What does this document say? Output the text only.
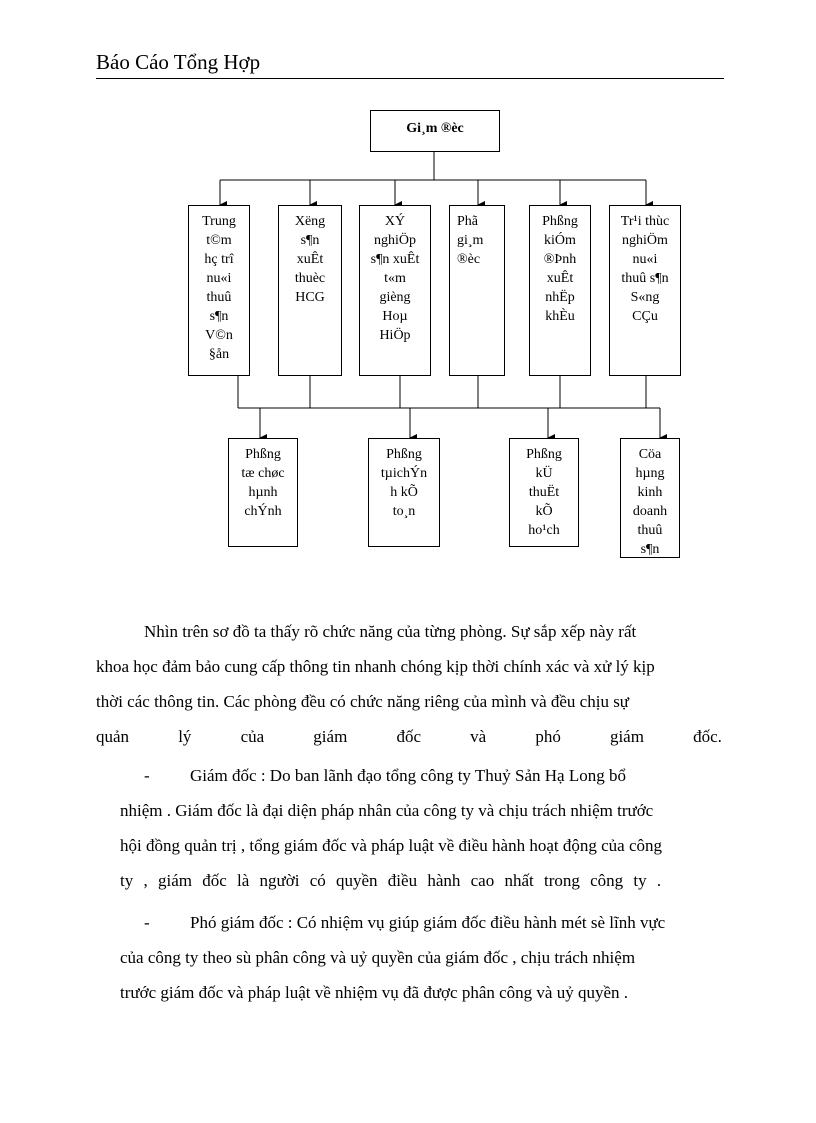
Báo Cáo Tổng Hợp
Gi¸m ®èc
Trung
t©m
hç trî
nu«i
thuû
s¶n
V©n
§ån
Xëng
s¶n
xuÊt
thuèc
HCG
XÝ
nghiÖp
s¶n xuÊt
t«m
gièng
Hoµ
HiÖp
Phã
gi¸m
®èc
Phßng
kiÓm
®Þnh
xuÊt
nhËp
khÈu
Tr¹i thùc
nghiÖm
nu«i
thuû s¶n
S«ng
CÇu
Phßng
tæ chøc
hµnh
chÝnh
Phßng
tµichÝn
h kÕ
to¸n
Phßng
kÜ
thuËt
kÕ
ho¹ch
Cöa
hµng
kinh
doanh
thuû
s¶n
Nhìn trên sơ đồ ta thấy rõ chức năng của từng phòng. Sự sắp xếp này rất
khoa học đảm bảo cung cấp thông tin nhanh chóng kịp thời chính xác và xử lý kịp
thời các thông tin. Các phòng đều có chức năng riêng của mình và đều chịu sự
quản	lý	của	giám	đốc	và	phó	giám	đốc.
-	Giám đốc : Do ban lãnh đạo tổng công ty Thuỷ Sản Hạ Long bổ
nhiệm . Giám đốc là đại diện pháp nhân của công ty và chịu trách nhiệm trước
hội đồng quản trị , tổng giám đốc và pháp luật về điều hành hoạt động của công
ty , giám đốc là người có quyền điều hành cao nhất trong công ty .
-	Phó giám đốc : Có nhiệm vụ giúp giám đốc điều hành mét sè lĩnh vực
của công ty theo sù phân công và uỷ quyền của giám đốc , chịu trách nhiệm
trước giám đốc và pháp luật về nhiệm vụ đã được phân công và uỷ quyền .
